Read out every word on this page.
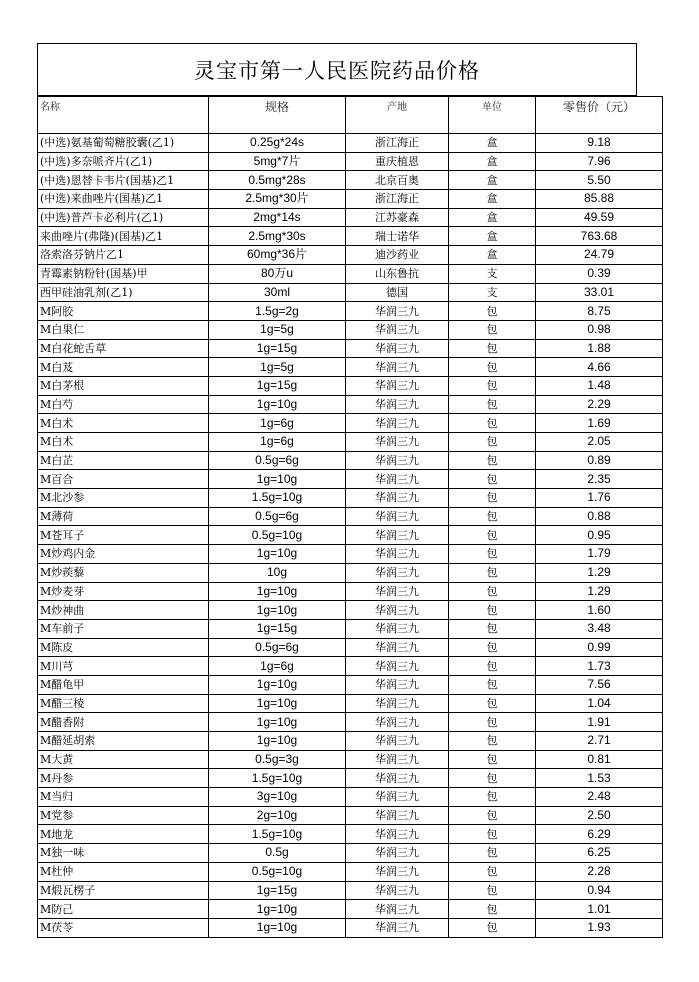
灵宝市第一人民医院药品价格
名称	规格	产地	单位	零售价（元）
(中选)氨基葡萄糖胶囊(乙1)	0.25g*24s	浙江海正	盒	9.18
(中选)多奈哌齐片(乙1)	5mg*7片	重庆植恩	盒	7.96
(中选)恩替卡韦片(国基)乙1	0.5mg*28s	北京百奥	盒	5.50
(中选)来曲唑片(国基)乙1	2.5mg*30片	浙江海正	盒	85.88
(中选)普芦卡必利片(乙1)	2mg*14s	江苏豪森	盒	49.59
来曲唑片(弗隆)(国基)乙1	2.5mg*30s	瑞士诺华	盒	763.68
洛索洛芬钠片乙1	60mg*36片	迪沙药业	盒	24.79
青霉素钠粉针(国基)甲	80万u	山东鲁抗	支	0.39
西甲硅油乳剂(乙1)	30ml	德国	支	33.01
M阿胶	1.5g=2g	华润三九	包	8.75
M白果仁	1g=5g	华润三九	包	0.98
M白花蛇舌草	1g=15g	华润三九	包	1.88
M白芨	1g=5g	华润三九	包	4.66
M白茅根	1g=15g	华润三九	包	1.48
M白芍	1g=10g	华润三九	包	2.29
M白术	1g=6g	华润三九	包	1.69
M白术	1g=6g	华润三九	包	2.05
M白芷	0.5g=6g	华润三九	包	0.89
M百合	1g=10g	华润三九	包	2.35
M北沙参	1.5g=10g	华润三九	包	1.76
M薄荷	0.5g=6g	华润三九	包	0.88
M苍耳子	0.5g=10g	华润三九	包	0.95
M炒鸡内金	1g=10g	华润三九	包	1.79
M炒蒺藜	10g	华润三九	包	1.29
M炒麦芽	1g=10g	华润三九	包	1.29
M炒神曲	1g=10g	华润三九	包	1.60
M车前子	1g=15g	华润三九	包	3.48
M陈皮	0.5g=6g	华润三九	包	0.99
M川芎	1g=6g	华润三九	包	1.73
M醋龟甲	1g=10g	华润三九	包	7.56
M醋三棱	1g=10g	华润三九	包	1.04
M醋香附	1g=10g	华润三九	包	1.91
M醋延胡索	1g=10g	华润三九	包	2.71
M大黄	0.5g=3g	华润三九	包	0.81
M丹参	1.5g=10g	华润三九	包	1.53
M当归	3g=10g	华润三九	包	2.48
M党参	2g=10g	华润三九	包	2.50
M地龙	1.5g=10g	华润三九	包	6.29
M独一味	0.5g	华润三九	包	6.25
M杜仲	0.5g=10g	华润三九	包	2.28
M煅瓦楞子	1g=15g	华润三九	包	0.94
M防己	1g=10g	华润三九	包	1.01
M茯苓	1g=10g	华润三九	包	1.93
